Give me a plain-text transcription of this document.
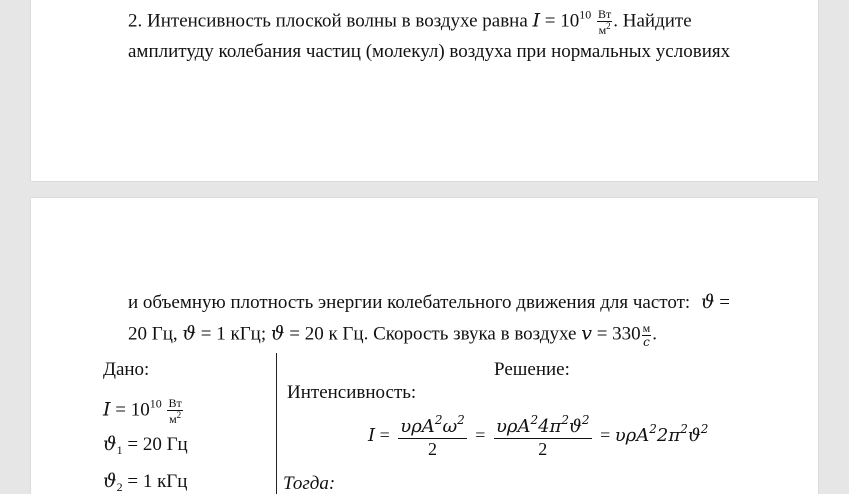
2. Интенсивность плоской волны в воздухе равна $I = 10^{10} \frac{Вт}{м^2}$ . Найдите
амплитуду колебания частиц (молекул) воздуха при нормальных условиях
и объемную плотность энергии колебательного движения для частот: ϑ =
20 Гц, ϑ = 1 кГц; ϑ = 20 к Гц. Скорость звука в воздухе $v = 330 \frac{м}{с}$ .
Дано:
$I = 10^{10} \frac{Вт}{м^2}$
$ϑ_1 = 20$ Гц
$ϑ_2 = 1$ кГц
Решение:
Интенсивность:
$I = \frac{\upsilon\rho A^2\omega^2}{2} = \frac{\upsilon\rho A^24\pi^2ϑ^2}{2} = \upsilon\rho A^22\pi^2ϑ^2$
Тогда:
